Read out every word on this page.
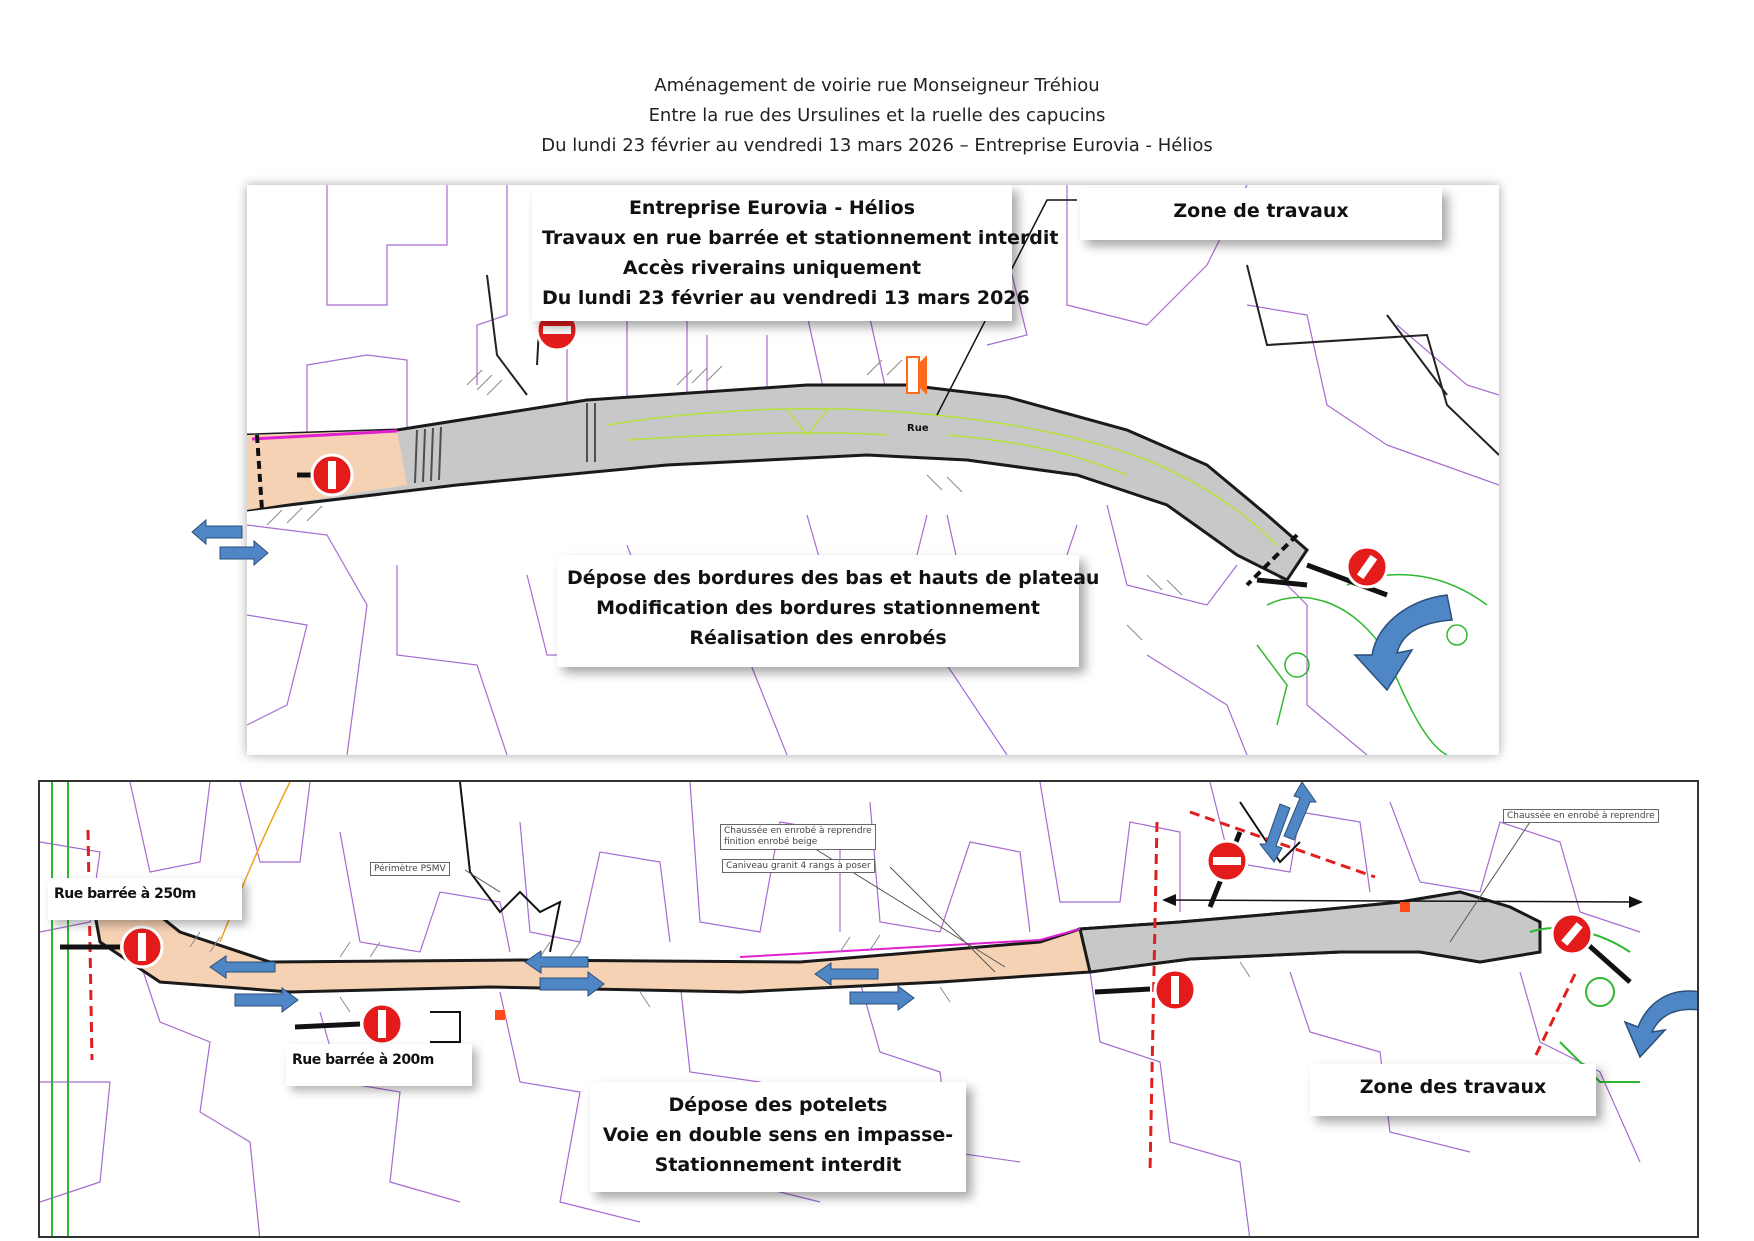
Aménagement de voirie rue Monseigneur Tréhiou
Entre la rue des Ursulines et la ruelle des capucins
Du lundi 23 février au vendredi 13 mars 2026 – Entreprise Eurovia - Hélios
Rue
Entreprise Eurovia - Hélios
Travaux en rue barrée et stationnement interdit
Accès riverains uniquement
Du lundi 23 février au vendredi 13 mars 2026
Zone de travaux
Dépose des bordures des bas et hauts de plateau
Modification des bordures stationnement
Réalisation des enrobés
Rue barrée à 250m
Rue barrée à 200m
Périmètre PSMV
Chaussée en enrobé à reprendre
finition enrobé beige
Caniveau granit 4 rangs à poser
Chaussée en enrobé à reprendre
Dépose des potelets
Voie en double sens en impasse-
Stationnement interdit
Zone des travaux
